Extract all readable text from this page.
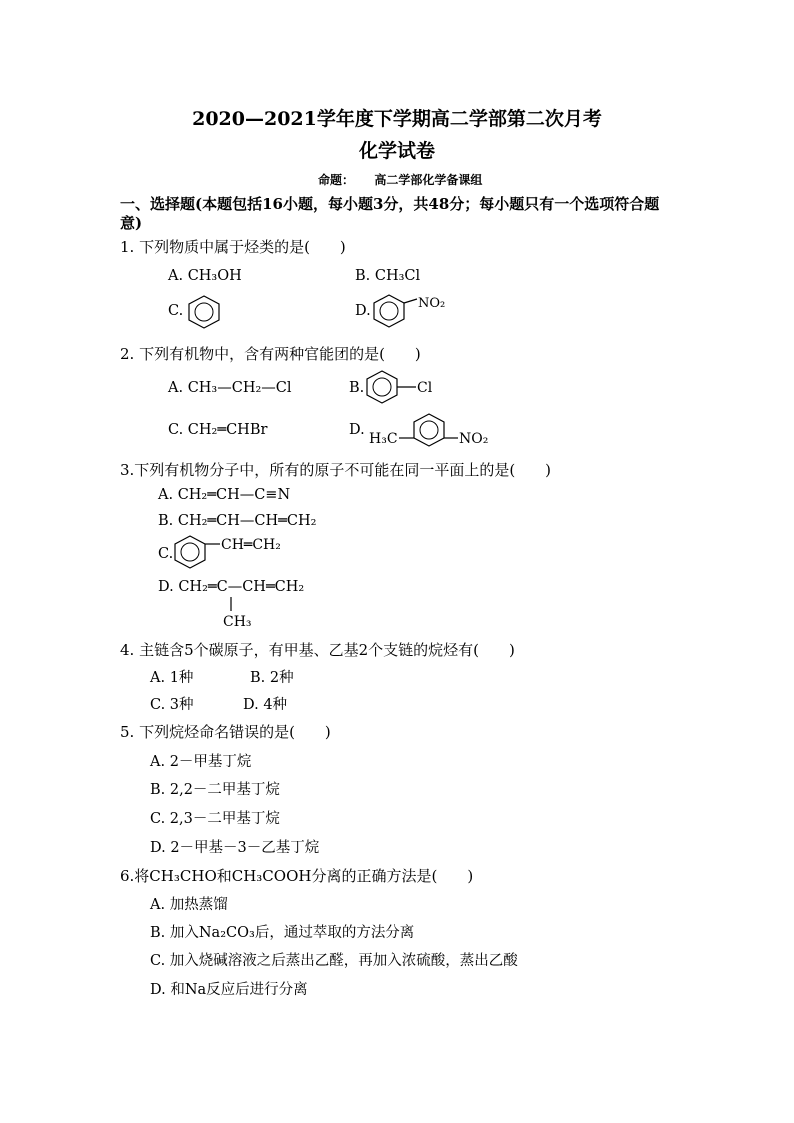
2020—2021学年度下学期高二学部第二次月考
化学试卷
命题： 高二学部化学备课组
一、选择题(本题包括16小题，每小题3分，共48分；每小题只有一个选项符合题意)
1. 下列物质中属于烃类的是(　　)
A. CH₃OH	B. CH₃Cl
C.	D.	NO₂
2. 下列有机物中，含有两种官能团的是(　　)
A. CH₃—CH₂—Cl	B.	Cl
C. CH₂═CHBr	D.
H₃C	NO₂
3.下列有机物分子中，所有的原子不可能在同一平面上的是(　　)
A. CH₂═CH—C≡N
B. CH₂═CH—CH═CH₂
C.
CH═CH₂
D. CH₂═C—CH═CH₂
CH₃
4. 主链含5个碳原子，有甲基、乙基2个支链的烷烃有(　　)
A. 1种	B. 2种
C. 3种	D. 4种
5. 下列烷烃命名错误的是(　　)
A. 2－甲基丁烷
B. 2,2－二甲基丁烷
C. 2,3－二甲基丁烷
D. 2－甲基－3－乙基丁烷
6.将CH₃CHO和CH₃COOH分离的正确方法是(　　)
A. 加热蒸馏
B. 加入Na₂CO₃后，通过萃取的方法分离
C. 加入烧碱溶液之后蒸出乙醛，再加入浓硫酸，蒸出乙酸
D. 和Na反应后进行分离
